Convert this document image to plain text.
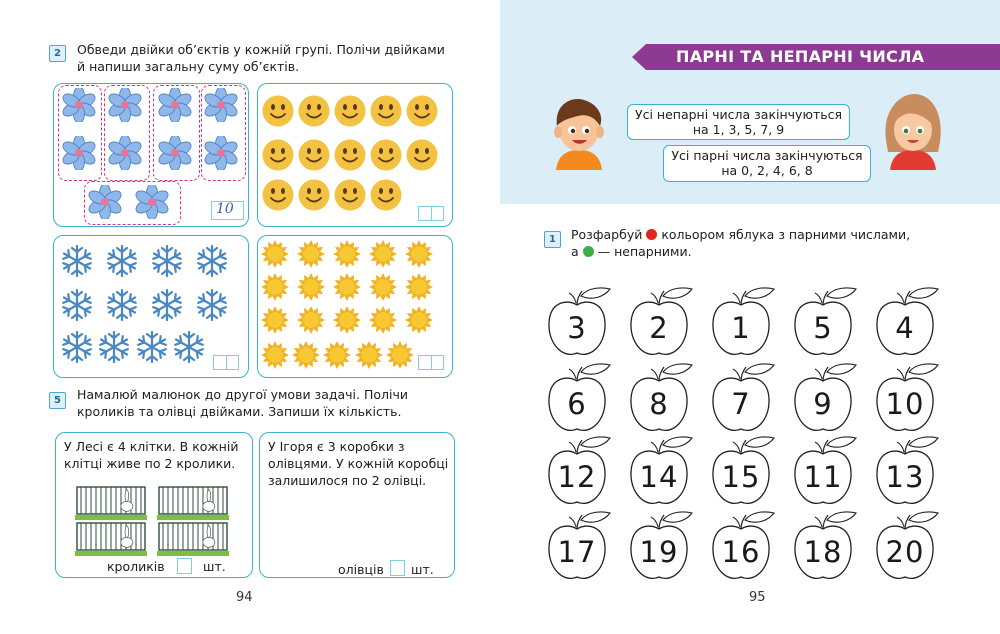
2	Обведи двійки об’єктів у кожній групі. Полічи двійками
й напиши загальну суму об’єктів.
10
5	Намалюй малюнок до другої умови задачі. Полічи
кроликів та олівці двійками. Запиши їх кількість.
У Лесі є 4 клітки. В кожній
клітці живе по 2 кролики.
кроликів	шт.
У Ігоря є 3 коробки з
олівцями. У кожній коробці
залишилося по 2 олівці.
олівців шт.
94
ПАРНІ ТА НЕПАРНІ ЧИСЛА
Усі непарні числа закінчуються
на 1, 3, 5, 7, 9
Усі парні числа закінчуються
на 0, 2, 4, 6, 8
1	Розфарбуй кольором яблука з парними числами,
а — непарними.
3	2	1	5	4
6	8	7	9	10
12	14	15	11	13
17	19	16	18	20
95
